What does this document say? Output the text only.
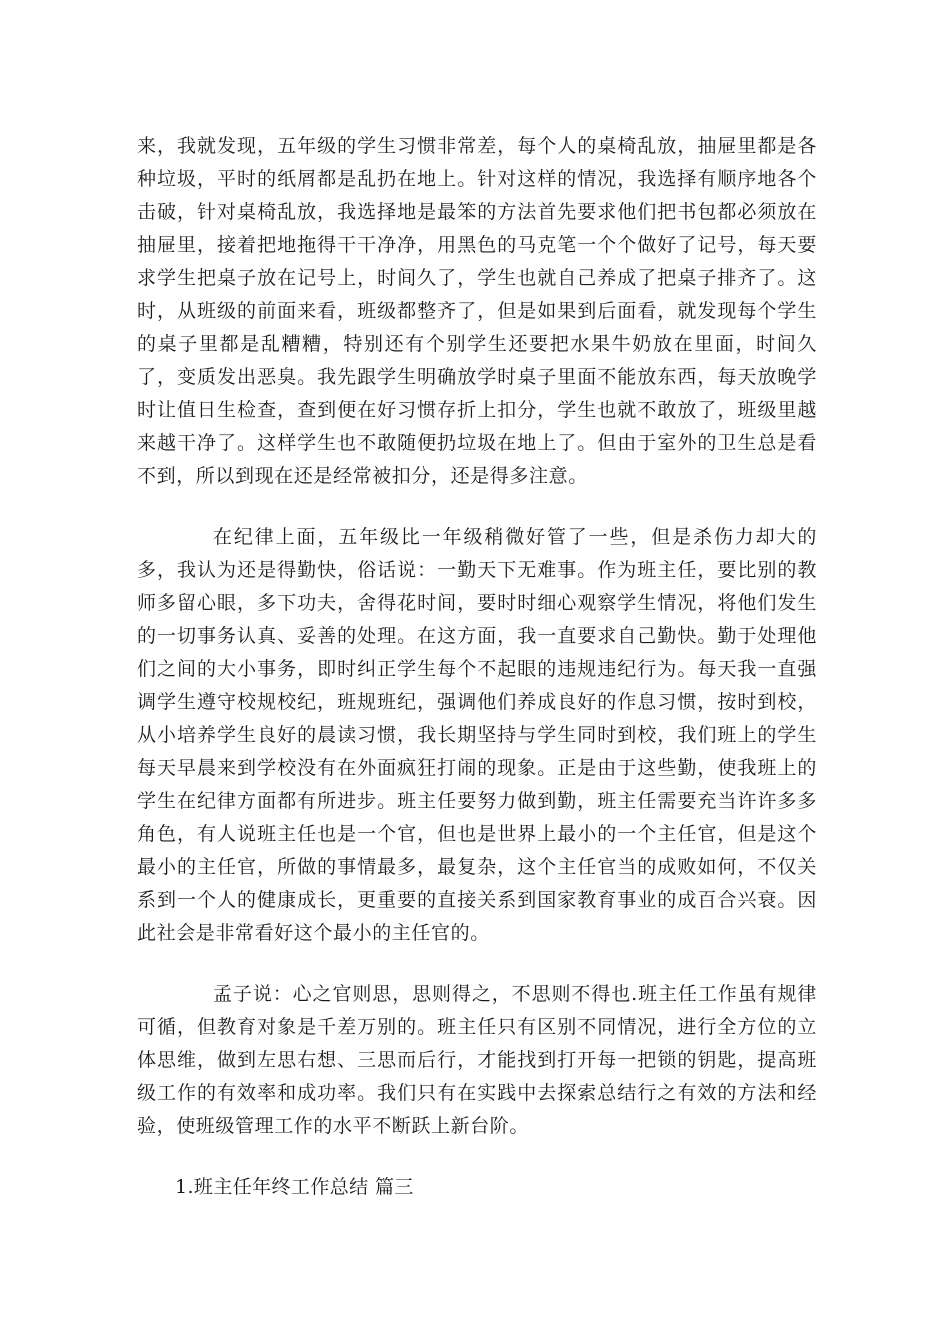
来，我就发现，五年级的学生习惯非常差，每个人的桌椅乱放，抽屉里都是各种垃圾，平时的纸屑都是乱扔在地上。针对这样的情况，我选择有顺序地各个击破，针对桌椅乱放，我选择地是最笨的方法首先要求他们把书包都必须放在抽屉里，接着把地拖得干干净净，用黑色的马克笔一个个做好了记号，每天要求学生把桌子放在记号上，时间久了，学生也就自己养成了把桌子排齐了。这时，从班级的前面来看，班级都整齐了，但是如果到后面看，就发现每个学生的桌子里都是乱糟糟，特别还有个别学生还要把水果牛奶放在里面，时间久了，变质发出恶臭。我先跟学生明确放学时桌子里面不能放东西，每天放晚学时让值日生检查，查到便在好习惯存折上扣分，学生也就不敢放了，班级里越来越干净了。这样学生也不敢随便扔垃圾在地上了。但由于室外的卫生总是看不到，所以到现在还是经常被扣分，还是得多注意。

在纪律上面，五年级比一年级稍微好管了一些，但是杀伤力却大的多，我认为还是得勤快，俗话说：一勤天下无难事。作为班主任，要比别的教师多留心眼，多下功夫，舍得花时间，要时时细心观察学生情况，将他们发生的一切事务认真、妥善的处理。在这方面，我一直要求自己勤快。勤于处理他们之间的大小事务，即时纠正学生每个不起眼的违规违纪行为。每天我一直强调学生遵守校规校纪，班规班纪，强调他们养成良好的作息习惯，按时到校，从小培养学生良好的晨读习惯，我长期坚持与学生同时到校，我们班上的学生每天早晨来到学校没有在外面疯狂打闹的现象。正是由于这些勤，使我班上的学生在纪律方面都有所进步。班主任要努力做到勤，班主任需要充当许许多多角色，有人说班主任也是一个官，但也是世界上最小的一个主任官，但是这个最小的主任官，所做的事情最多，最复杂，这个主任官当的成败如何，不仅关系到一个人的健康成长，更重要的直接关系到国家教育事业的成百合兴衰。因此社会是非常看好这个最小的主任官的。

孟子说：心之官则思，思则得之，不思则不得也.班主任工作虽有规律可循，但教育对象是千差万别的。班主任只有区别不同情况，进行全方位的立体思维，做到左思右想、三思而后行，才能找到打开每一把锁的钥匙，提高班级工作的有效率和成功率。我们只有在实践中去探索总结行之有效的方法和经验，使班级管理工作的水平不断跃上新台阶。

1.班主任年终工作总结 篇三
